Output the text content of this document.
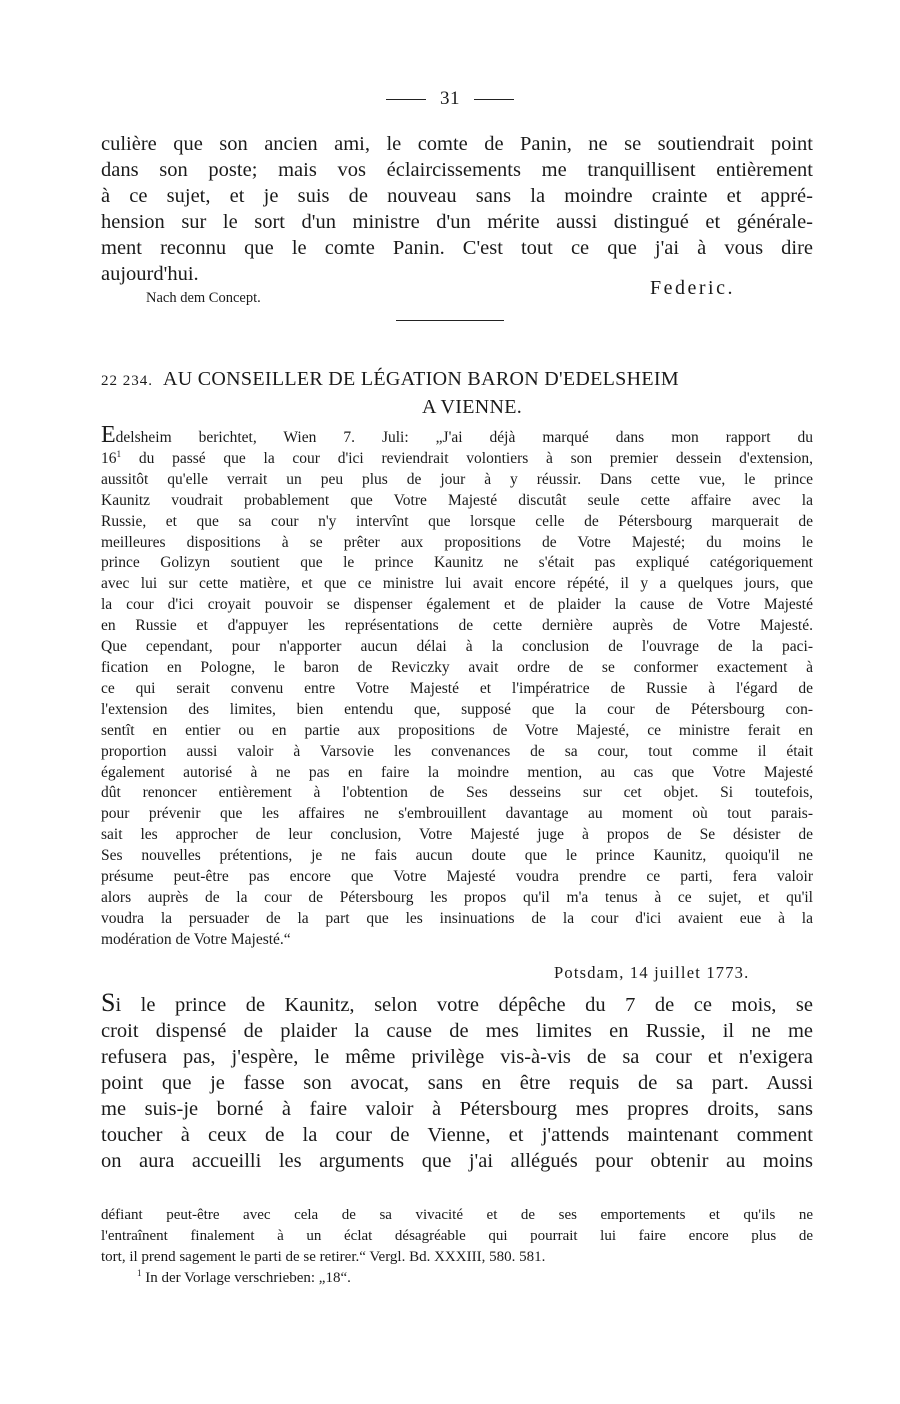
31
culière que son ancien ami, le comte de Panin, ne se soutiendrait point
dans son poste; mais vos éclaircissements me tranquillisent entièrement
à ce sujet, et je suis de nouveau sans la moindre crainte et appré-
hension sur le sort d'un ministre d'un mérite aussi distingué et générale-
ment reconnu que le comte Panin. C'est tout ce que j'ai à vous dire
aujourd'hui.
Federic.
Nach dem Concept.
22 234. AU CONSEILLER DE LÉGATION BARON D'EDELSHEIM
A VIENNE.
Edelsheim berichtet, Wien 7. Juli: „J'ai déjà marqué dans mon rapport du
$16^1$ du passé que la cour d'ici reviendrait volontiers à son premier dessein d'extension,
aussitôt qu'elle verrait un peu plus de jour à y réussir. Dans cette vue, le prince
Kaunitz voudrait probablement que Votre Majesté discutât seule cette affaire avec la
Russie, et que sa cour n'y intervînt que lorsque celle de Pétersbourg marquerait de
meilleures dispositions à se prêter aux propositions de Votre Majesté; du moins le
prince Golizyn soutient que le prince Kaunitz ne s'était pas expliqué catégoriquement
avec lui sur cette matière, et que ce ministre lui avait encore répété, il y a quelques jours, que
la cour d'ici croyait pouvoir se dispenser également et de plaider la cause de Votre Majesté
en Russie et d'appuyer les représentations de cette dernière auprès de Votre Majesté.
Que cependant, pour n'apporter aucun délai à la conclusion de l'ouvrage de la paci-
fication en Pologne, le baron de Reviczky avait ordre de se conformer exactement à
ce qui serait convenu entre Votre Majesté et l'impératrice de Russie à l'égard de
l'extension des limites, bien entendu que, supposé que la cour de Pétersbourg con-
sentît en entier ou en partie aux propositions de Votre Majesté, ce ministre ferait en
proportion aussi valoir à Varsovie les convenances de sa cour, tout comme il était
également autorisé à ne pas en faire la moindre mention, au cas que Votre Majesté
dût renoncer entièrement à l'obtention de Ses desseins sur cet objet. Si toutefois,
pour prévenir que les affaires ne s'embrouillent davantage au moment où tout parais-
sait les approcher de leur conclusion, Votre Majesté juge à propos de Se désister de
Ses nouvelles prétentions, je ne fais aucun doute que le prince Kaunitz, quoiqu'il ne
présume peut-être pas encore que Votre Majesté voudra prendre ce parti, fera valoir
alors auprès de la cour de Pétersbourg les propos qu'il m'a tenus à ce sujet, et qu'il
voudra la persuader de la part que les insinuations de la cour d'ici avaient eue à la
modération de Votre Majesté.“
Potsdam, 14 juillet 1773.
Si le prince de Kaunitz, selon votre dépêche du 7 de ce mois, se
croit dispensé de plaider la cause de mes limites en Russie, il ne me
refusera pas, j'espère, le même privilège vis-à-vis de sa cour et n'exigera
point que je fasse son avocat, sans en être requis de sa part. Aussi
me suis-je borné à faire valoir à Pétersbourg mes propres droits, sans
toucher à ceux de la cour de Vienne, et j'attends maintenant comment
on aura accueilli les arguments que j'ai allégués pour obtenir au moins
défiant peut-être avec cela de sa vivacité et de ses emportements et qu'ils ne
l'entraînent finalement à un éclat désagréable qui pourrait lui faire encore plus de
tort, il prend sagement le parti de se retirer.“ Vergl. Bd. XXXIII, 580. 581.
$^1$ In der Vorlage verschrieben: „18“.
